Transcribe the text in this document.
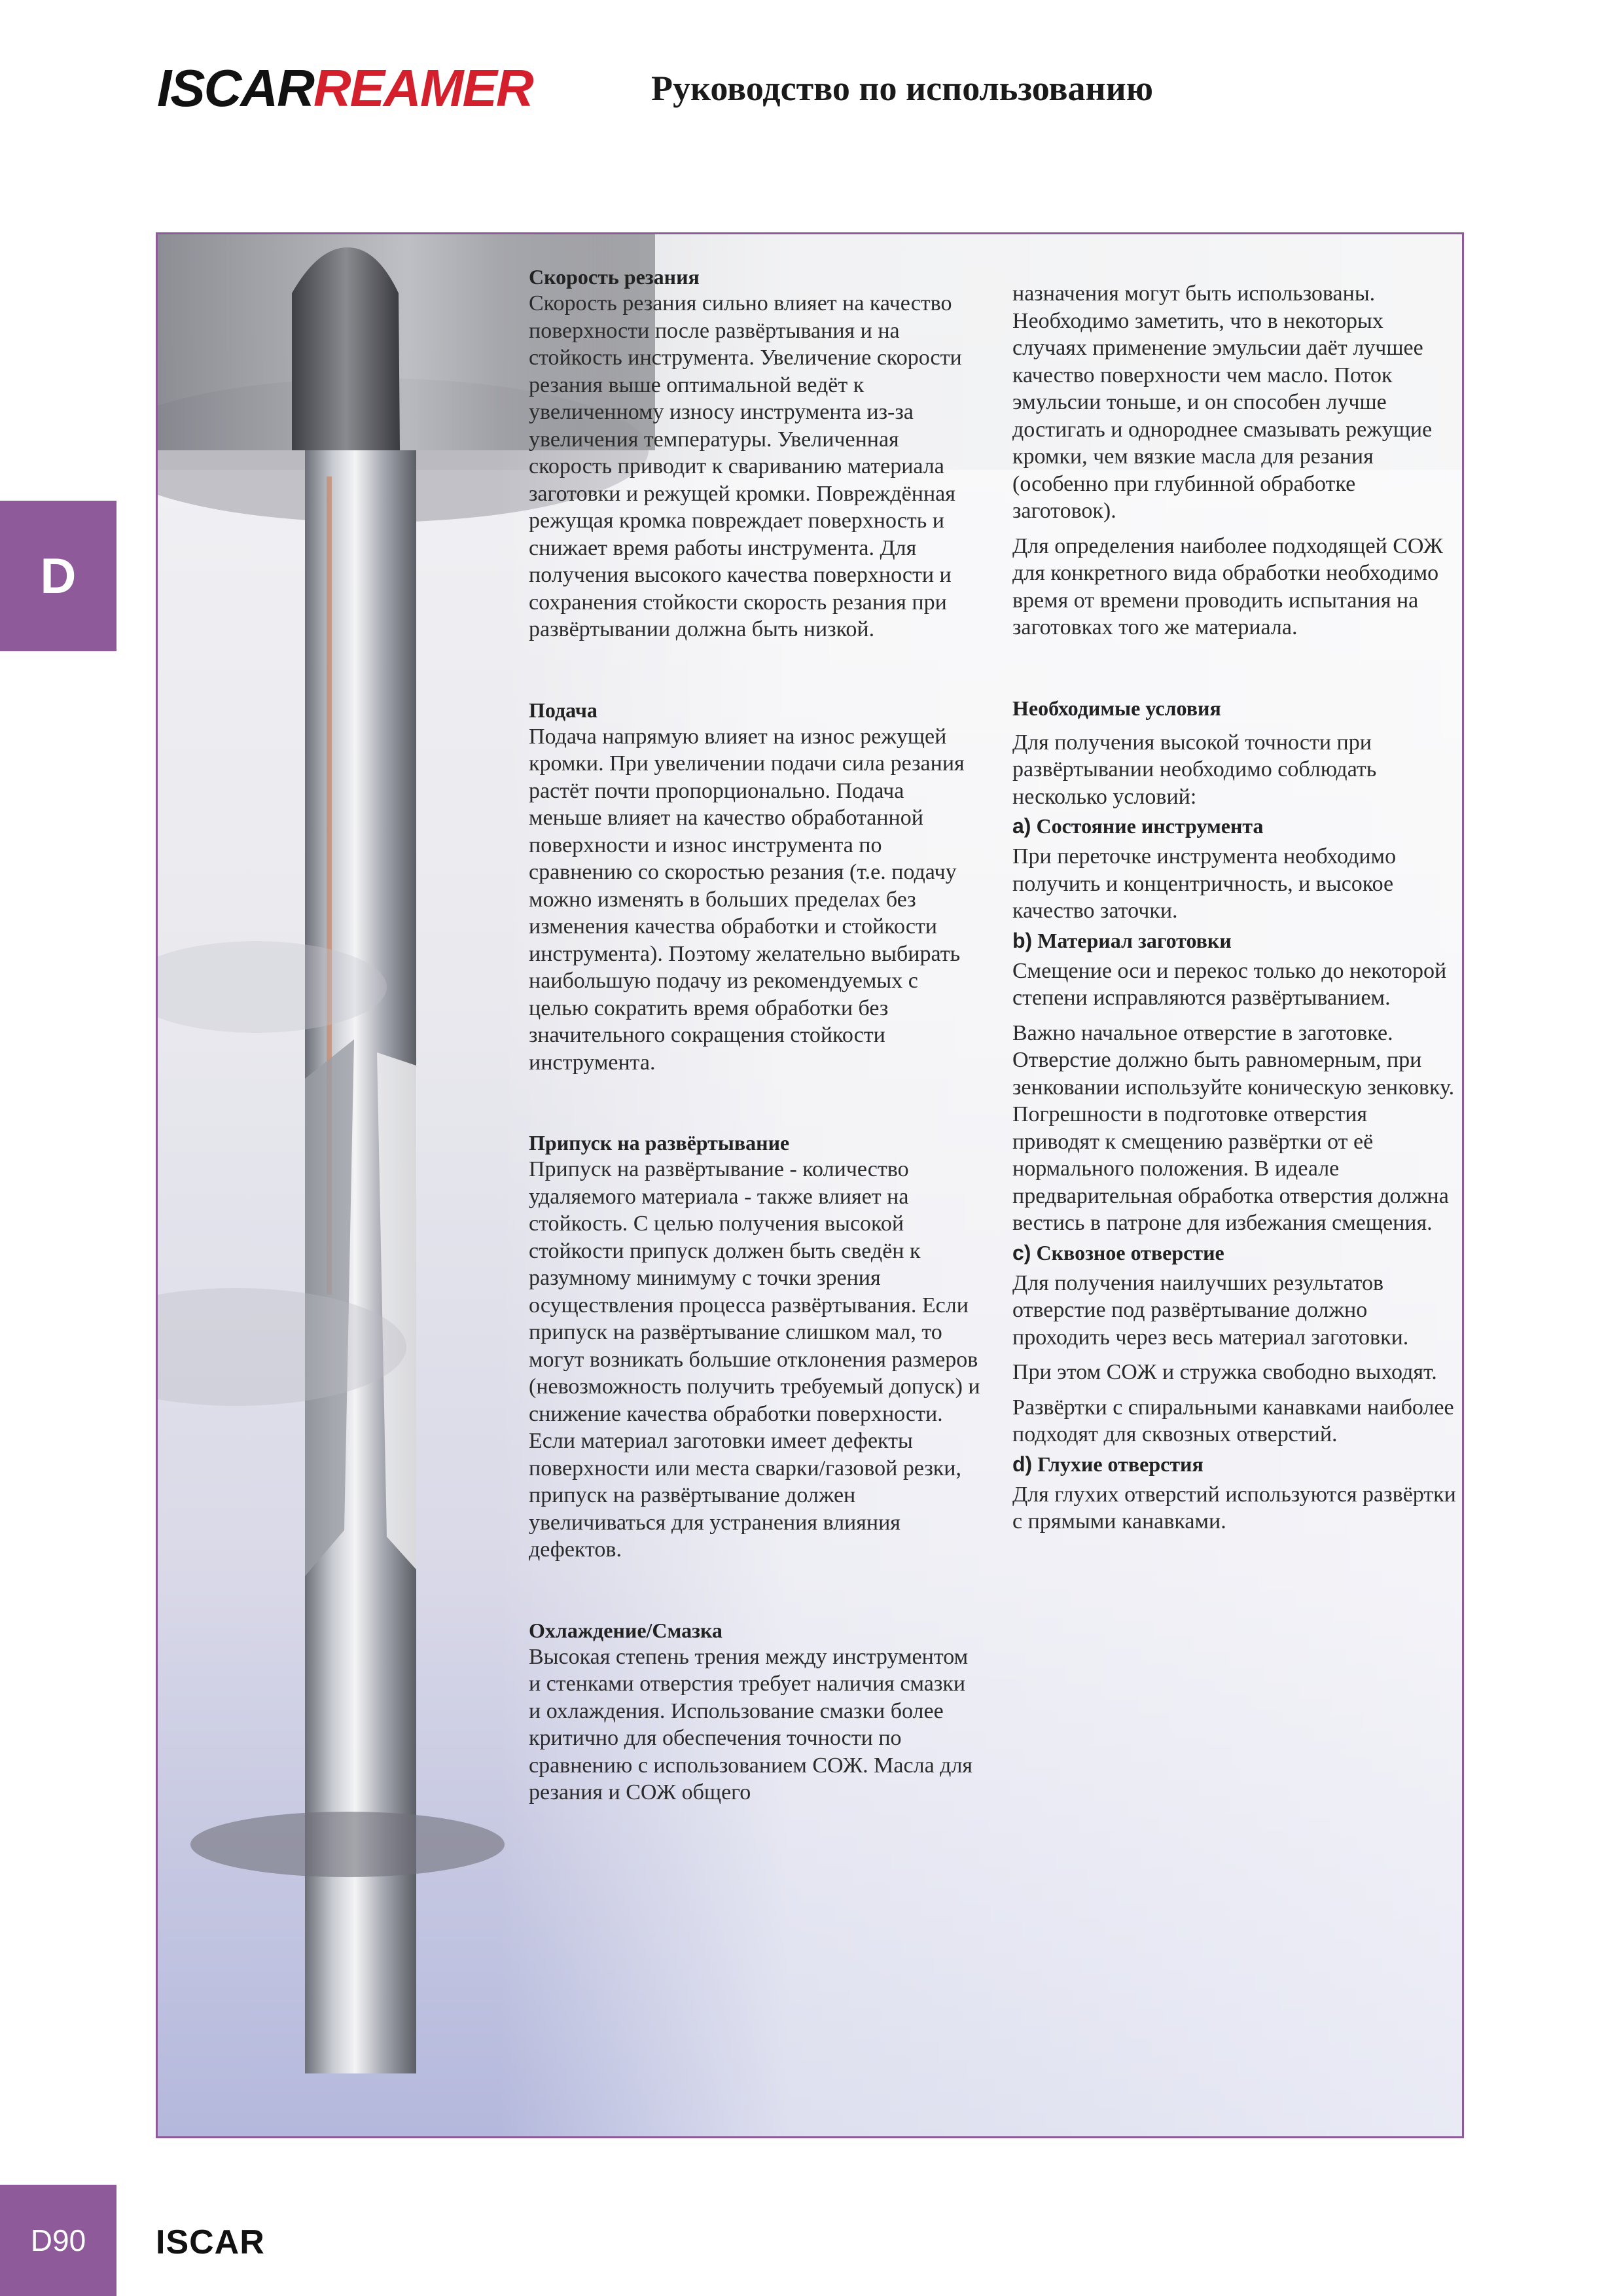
ISCARREAMER	Руководство по использованию
D
Скорость резания

Скорость резания сильно влияет на качество поверхности после развёртывания и на стойкость инструмента. Увеличение скорости резания выше оптимальной ведёт к увеличенному износу инструмента из-за увеличения температуры. Увеличенная скорость приводит к свариванию материала заготовки и режущей кромки. Повреждённая режущая кромка повреждает поверхность и снижает время работы инструмента. Для получения высокого качества поверхности и сохранения стойкости скорость резания при развёртывании должна быть низкой.

Подача

Подача напрямую влияет на износ режущей кромки. При увеличении подачи сила резания растёт почти пропорционально. Подача меньше влияет на качество обработанной поверхности и износ инструмента по сравнению со скоростью резания (т.е. подачу можно изменять в больших пределах без изменения качества обработки и стойкости инструмента). Поэтому желательно выбирать наибольшую подачу из рекомендуемых с целью сократить время обработки без значительного сокращения стойкости инструмента.

Припуск на развёртывание

Припуск на развёртывание - количество удаляемого материала - также влияет на стойкость. С целью получения высокой стойкости припуск должен быть сведён к разумному минимуму с точки зрения осуществления процесса развёртывания. Если припуск на развёртывание слишком мал, то могут возникать большие отклонения размеров (невозможность получить требуемый допуск) и снижение качества обработки поверхности. Если материал заготовки имеет дефекты поверхности или места сварки/газовой резки, припуск на развёртывание должен увеличиваться для устранения влияния дефектов.

Охлаждение/Смазка

Высокая степень трения между инструментом и стенками отверстия требует наличия смазки и охлаждения. Использование смазки более критично для обеспечения точности по сравнению с использованием СОЖ. Масла для резания и СОЖ общего

назначения могут быть использованы. Необходимо заметить, что в некоторых случаях применение эмульсии даёт лучшее качество поверхности чем масло. Поток эмульсии тоньше, и он способен лучше достигать и однороднее смазывать режущие кромки, чем вязкие масла для резания (особенно при глубинной обработке заготовок).

Для определения наиболее подходящей СОЖ для конкретного вида обработки необходимо время от времени проводить испытания на заготовках того же материала.

Необходимые условия

Для получения высокой точности при развёртывании необходимо соблюдать несколько условий:

a) Состояние инструмента

При переточке инструмента необходимо получить и концентричность, и высокое качество заточки.

b) Материал заготовки

Смещение оси и перекос только до некоторой степени исправляются развёртыванием.

Важно начальное отверстие в заготовке. Отверстие должно быть равномерным, при зенковании используйте коническую зенковку. Погрешности в подготовке отверстия приводят к смещению развёртки от её нормального положения. В идеале предварительная обработка отверстия должна вестись в патроне для избежания смещения.

c) Сквозное отверстие

Для получения наилучших результатов отверстие под развёртывание должно проходить через весь материал заготовки.

При этом СОЖ и стружка свободно выходят.

Развёртки с спиральными канавками наиболее подходят для сквозных отверстий.

d) Глухие отверстия

Для глухих отверстий используются развёртки с прямыми канавками.

D90	ISCAR
